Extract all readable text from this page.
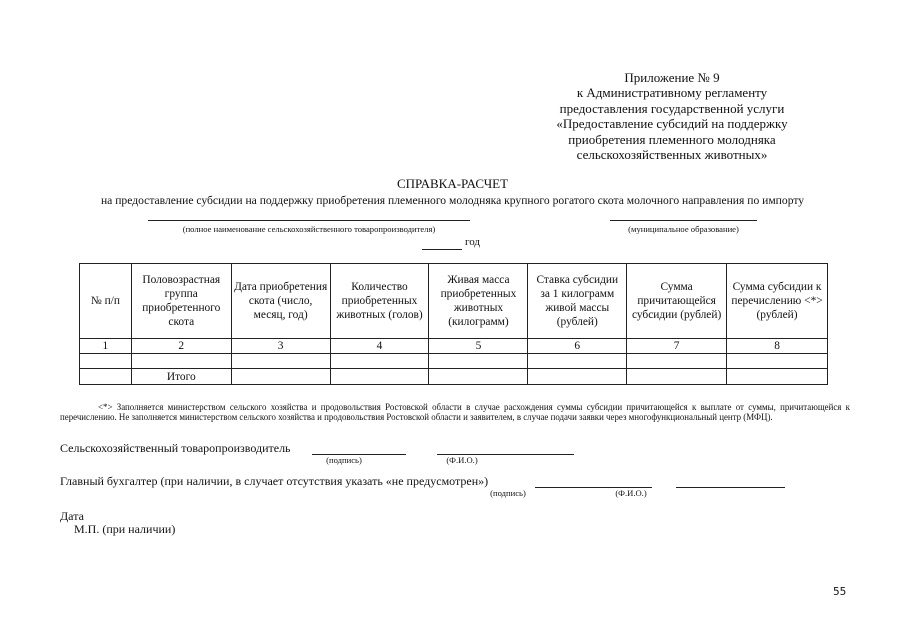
Приложение № 9
к Административному регламенту
предоставления государственной услуги
«Предоставление субсидий на поддержку
приобретения племенного молодняка
сельскохозяйственных животных»
СПРАВКА-РАСЧЕТ
на предоставление субсидии на поддержку приобретения племенного молодняка крупного рогатого скота молочного направления по импорту
(полное наименование сельскохозяйственного товаропроизводителя)	(муниципальное образование)
год
№ п/п	Половозрастная группа приобретенного скота	Дата приобретения скота (число, месяц, год)	Количество приобретенных животных (голов)	Живая масса приобретенных животных (килограмм)	Ставка субсидии за 1 килограмм живой массы (рублей)	Сумма причитающейся субсидии (рублей)	Сумма субсидии к перечислению <*> (рублей)
1	2	3	4	5	6	7	8

	Итого						
<*> Заполняется министерством сельского хозяйства и продовольствия Ростовской области в случае расхождения суммы субсидии причитающейся к выплате от суммы, причитающейся к перечислению. Не заполняется министерством сельского хозяйства и продовольствия Ростовской области и заявителем, в случае подачи заявки через многофункциональный центр (МФЦ).
Сельскохозяйственный товаропроизводитель
(подпись)	(Ф.И.О.)
Главный бухгалтер (при наличии, в случает отсутствия указать «не предусмотрен»)
(подпись)	(Ф.И.О.)
Дата
М.П. (при наличии)
55
